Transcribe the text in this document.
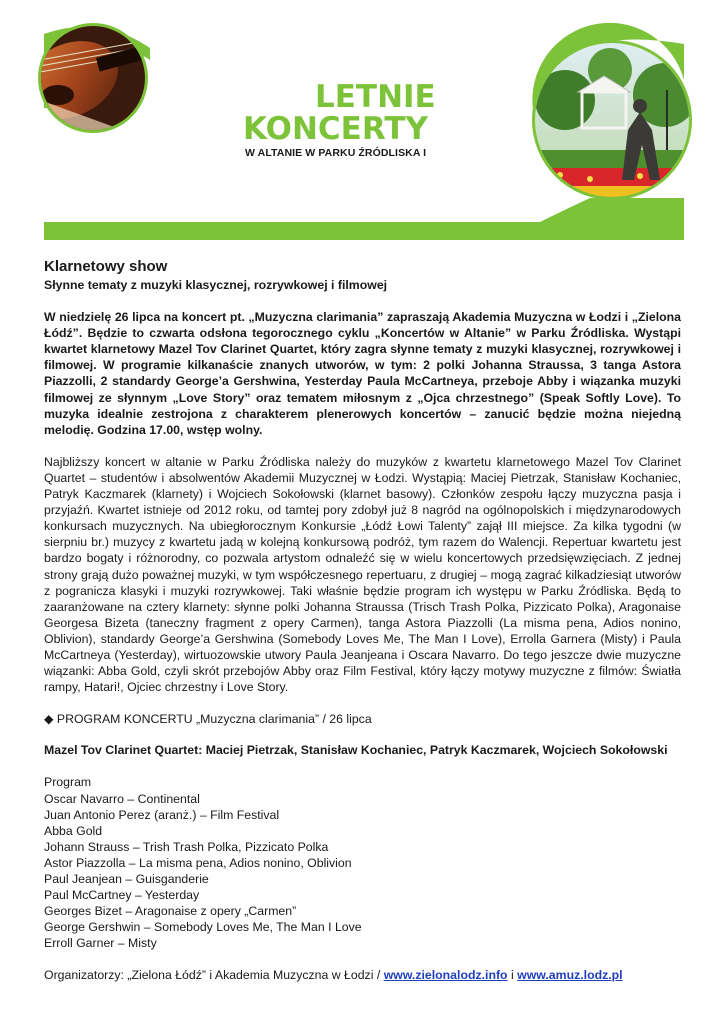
LETNIE
KONCERTY
W ALTANIE W PARKU ŹRÓDLISKA I
Klarnetowy show

Słynne tematy z muzyki klasycznej, rozrywkowej i filmowej

W niedzielę 26 lipca na koncert pt. „Muzyczna clarimania” zapraszają Akademia Muzyczna w Łodzi i „Zielona Łódź”. Będzie to czwarta odsłona tegorocznego cyklu „Koncertów w Altanie” w Parku Źródliska. Wystąpi kwartet klarnetowy Mazel Tov Clarinet Quartet, który zagra słynne tematy z muzyki klasycznej, rozrywkowej i filmowej. W programie kilkanaście znanych utworów, w tym: 2 polki Johanna Straussa, 3 tanga Astora Piazzolli, 2 standardy George’a Gershwina, Yesterday Paula McCartneya, przeboje Abby i wiązanka muzyki filmowej ze słynnym „Love Story” oraz tematem miłosnym z „Ojca chrzestnego” (Speak Softly Love). To muzyka idealnie zestrojona z charakterem plenerowych koncertów – zanucić będzie można niejedną melodię. Godzina 17.00, wstęp wolny.

Najbliższy koncert w altanie w Parku Źródliska należy do muzyków z kwartetu klarnetowego Mazel Tov Clarinet Quartet – studentów i absolwentów Akademii Muzycznej w Łodzi. Wystąpią: Maciej Pietrzak, Stanisław Kochaniec, Patryk Kaczmarek (klarnety) i Wojciech Sokołowski (klarnet basowy). Członków zespołu łączy muzyczna pasja i przyjaźń. Kwartet istnieje od 2012 roku, od tamtej pory zdobył już 8 nagród na ogólnopolskich i międzynarodowych konkursach muzycznych. Na ubiegłorocznym Konkursie „Łódź Łowi Talenty” zajął III miejsce. Za kilka tygodni (w sierpniu br.) muzycy z kwartetu jadą w kolejną konkursową podróż, tym razem do Walencji. Repertuar kwartetu jest bardzo bogaty i różnorodny, co pozwala artystom odnaleźć się w wielu koncertowych przedsięwzięciach. Z jednej strony grają dużo poważnej muzyki, w tym współczesnego repertuaru, z drugiej – mogą zagrać kilkadziesiąt utworów z pogranicza klasyki i muzyki rozrywkowej. Taki właśnie będzie program ich występu w Parku Źródliska. Będą to zaaranżowane na cztery klarnety: słynne polki Johanna Straussa (Trisch Trash Polka, Pizzicato Polka), Aragonaise Georgesa Bizeta (taneczny fragment z opery Carmen), tanga Astora Piazzolli (La misma pena, Adios nonino, Oblivion), standardy George’a Gershwina (Somebody Loves Me, The Man I Love), Errolla Garnera (Misty) i Paula McCartneya (Yesterday), wirtuozowskie utwory Paula Jeanjeana i Oscara Navarro. Do tego jeszcze dwie muzyczne wiązanki: Abba Gold, czyli skrót przebojów Abby oraz Film Festival, który łączy motywy muzyczne z filmów: Światła rampy, Hatari!, Ojciec chrzestny i Love Story.

◆ PROGRAM KONCERTU „Muzyczna clarimania” / 26 lipca

Mazel Tov Clarinet Quartet: Maciej Pietrzak, Stanisław Kochaniec, Patryk Kaczmarek, Wojciech Sokołowski

Program
Oscar Navarro – Continental
Juan Antonio Perez (aranż.) – Film Festival
Abba Gold
Johann Strauss – Trish Trash Polka, Pizzicato Polka
Astor Piazzolla – La misma pena, Adios nonino, Oblivion
Paul Jeanjean – Guisganderie
Paul McCartney – Yesterday
Georges Bizet – Aragonaise z opery „Carmen”
George Gershwin – Somebody Loves Me, The Man I Love
Erroll Garner – Misty

Organizatorzy: „Zielona Łódź” i Akademia Muzyczna w Łodzi / www.zielonalodz.info i www.amuz.lodz.pl
